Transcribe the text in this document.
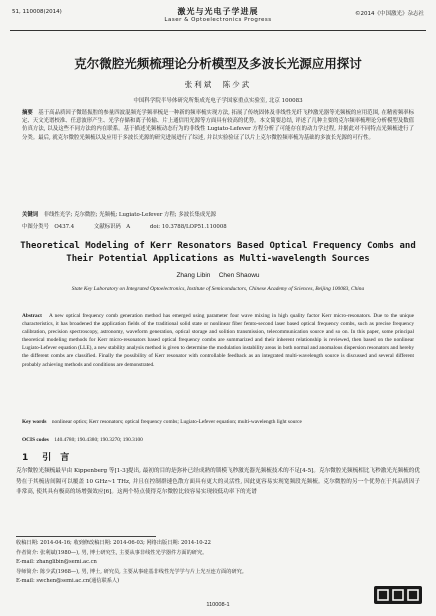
51, 110008(2014)	激光与光电子学进展
Laser & Optoelectronics Progress
©2014《中国激光》杂志社
克尔微腔光频梳理论分析模型及多波长光源应用探讨
张利斌　陈少武
中国科学院半导体研究所集成光电子学国家重点实验室, 北京 100083
摘要　 基于高品质因子微谐振腔的参量四波混频光学频率梳是一种新的频率梳实现方法, 拓展了传统固体及非线性光纤飞秒激光器等光频梳的应用范围, 在精密频率标定、天文光谱校准、任意波形产生、光学存储和离子传输、片上通信用光源等方面具有较高的优势。本文简要总结, 评述了几种主要的克尔频率梳理论分析模型及数值仿真方法, 以及这些不同方法的内在联系。基于描述光频梳动态行为的非线性 Lugiato-Lefever 方程分析了可能存在的动力学过程, 并据此对不同特点光频梳进行了分类。最后, 就克尔微腔光频梳以及应用于多波长光源的研究进展进行了综述, 并以实验验证了以片上克尔微腔频率梳为基础的多波长光源的可行性。
关键词　 非线性光学; 克尔微腔; 光频梳; Lugiato-Lefever 方程; 多波长集成光源
中图分类号　O437.4	文献标识码　A	doi: 10.3788/LOP51.110008
Theoretical Modeling of Kerr Resonators Based Optical Frequency Combs and Their Potential Applications as Multi-wavelength Sources
Zhang Libin　 Chen Shaowu
State Key Laboratory on Integrated Optoelectronics, Institute of Semiconductors, Chinese Academy of Sciences, Beijing 100083, China
Abstract　 A new optical frequency comb generation method has emerged using parameter four wave mixing in high quality factor Kerr micro-resonators. Due to the unique characteristics, it has broadened the application fields of the traditional solid state or nonlinear fiber femto-second laser based optical frequency combs, such as precise frequency calibration, precision spectroscopy, astronomy, waveform generation, optical storage and solition transmission, telecommunication source and so on. In this paper, some principal theoretical modeling methods for Kerr micro-resonators based optical frequency combs are summarized and their inherent relationship is reviewed, then based on the nonlinear Lugiato-Lefever equation (LLE), a new stability analysis method is given to determine the modulation instability areas in both normal and anomalous dispersion resonators and hereby the different combs are classified. Finally the possibility of Kerr resonator with controllable feedback as an integrated multi-wavelength source is discussed and several different probably achieving methods and conditions are demonstrated.
Key words　 nonlinear optics; Kerr resonators; optical frequency combs; Lugiato-Lefever equation; multi-wavelength light source
OCIS codes　 140.4780; 190.4380; 190.3270; 190.3100
1 引　言
克尔微腔光频梳最早由 Kippenberg 等[1-3]提出, 最初的目的是弥补已经成熟的锁模飞秒激光器光频梳技术的不足[4-5]。克尔微腔光频梳相比飞秒激光光频梳的优势在于其梳齿间隔可以覆盖 10 GHz~1 THz, 并且在控制群速色散方面具有更大的灵活性, 因此更容易实现宽频段光频梳。克尔微腔的另一个优势在于其品质因子非常高, 使其具有极高的场增强效应[6]。这两个特点使得克尔微腔比较容易实现较低功率下的光谱
收稿日期: 2014-04-16; 收到修改稿日期: 2014-06-03; 网络出版日期: 2014-10-22
作者简介: 张利斌(1980—), 男, 博士研究生, 主要从事非线性光学器件方面的研究。
E-mail: zhanglibin@semi.ac.cn
导师简介: 陈少武(1968—), 男, 博士, 研究员, 主要从事硅基非线性光学学与片上光互连方面的研究。
E-mail: swchen@semi.ac.cn(通信联系人)
110008-1
